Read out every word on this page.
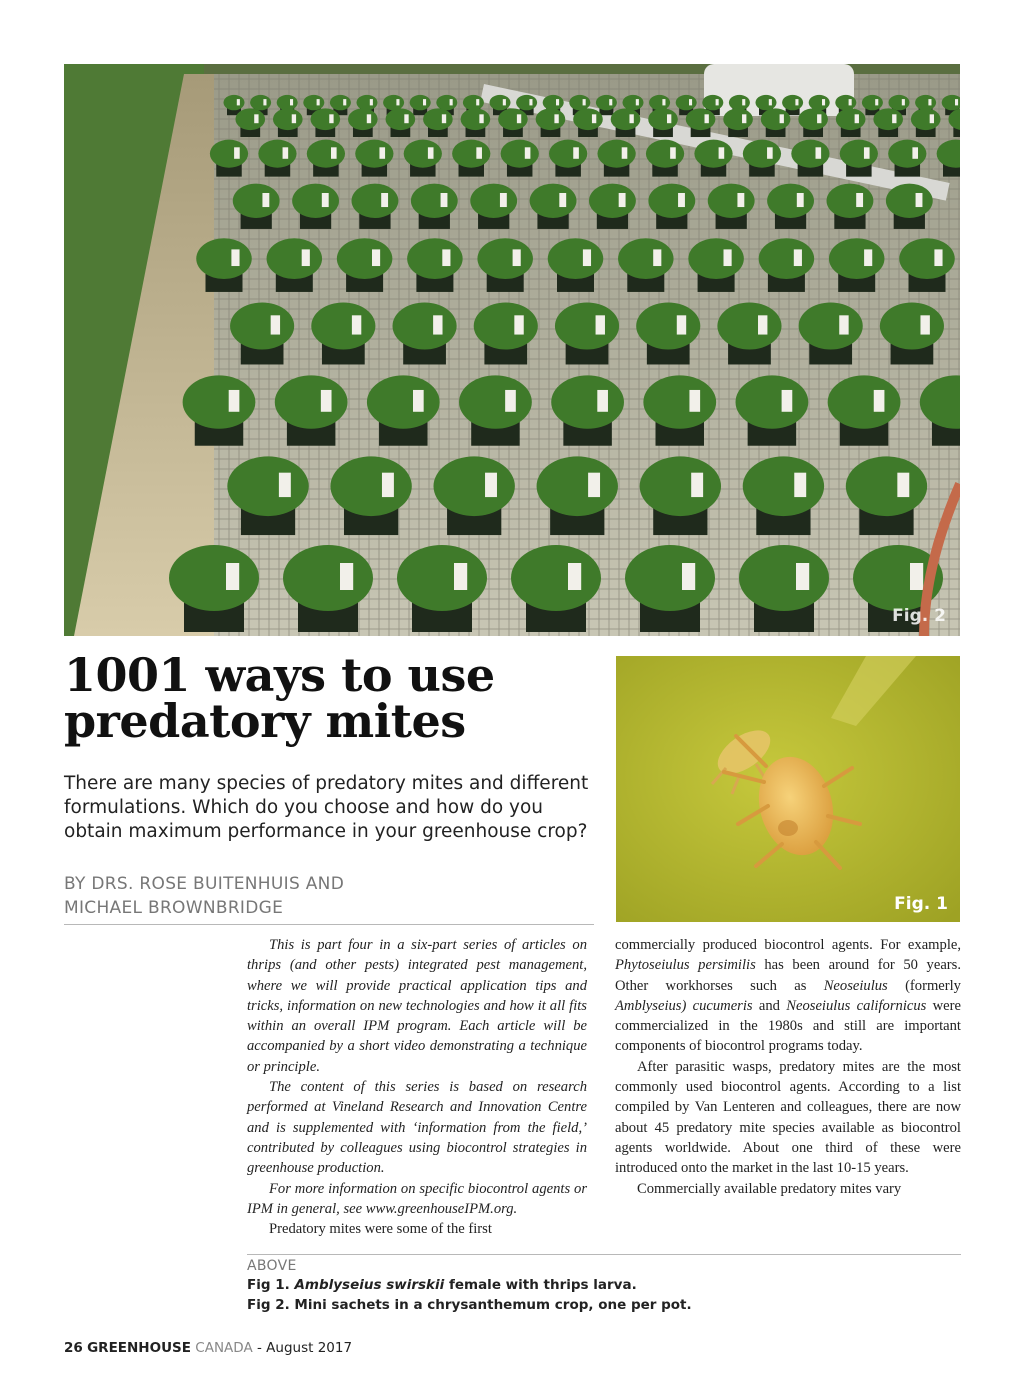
Fig. 2
1001 ways to use
predatory mites

There are many species of predatory mites and different formulations. Which do you choose and how do you obtain maximum performance in your greenhouse crop?

BY DRS. ROSE BUITENHUIS AND
MICHAEL BROWNBRIDGE	Fig. 1

This is part four in a six-part series of articles on thrips (and other pests) integrated pest management, where we will provide practical application tips and tricks, information on new technologies and how it all fits within an overall IPM program. Each article will be accompanied by a short video demonstrating a technique or principle.

The content of this series is based on research performed at Vineland Research and Innovation Centre and is supplemented with ‘information from the field,’ contributed by colleagues using biocontrol strategies in greenhouse production.

For more information on specific biocontrol agents or IPM in general, see www.greenhouseIPM.org.

Predatory mites were some of the first

commercially produced biocontrol agents. For example, Phytoseiulus persimilis has been around for 50 years. Other workhorses such as Neoseiulus (formerly Amblyseius) cucumeris and Neoseiulus californicus were commercialized in the 1980s and still are important components of biocontrol programs today.

After parasitic wasps, predatory mites are the most commonly used biocontrol agents. According to a list compiled by Van Lenteren and colleagues, there are now about 45 predatory mite species available as biocontrol agents worldwide. About one third of these were introduced onto the market in the last 10-15 years.

Commercially available predatory mites vary

ABOVE
Fig 1. Amblyseius swirskii female with thrips larva.
Fig 2. Mini sachets in a chrysanthemum crop, one per pot.
26 GREENHOUSE CANADA - August 2017
